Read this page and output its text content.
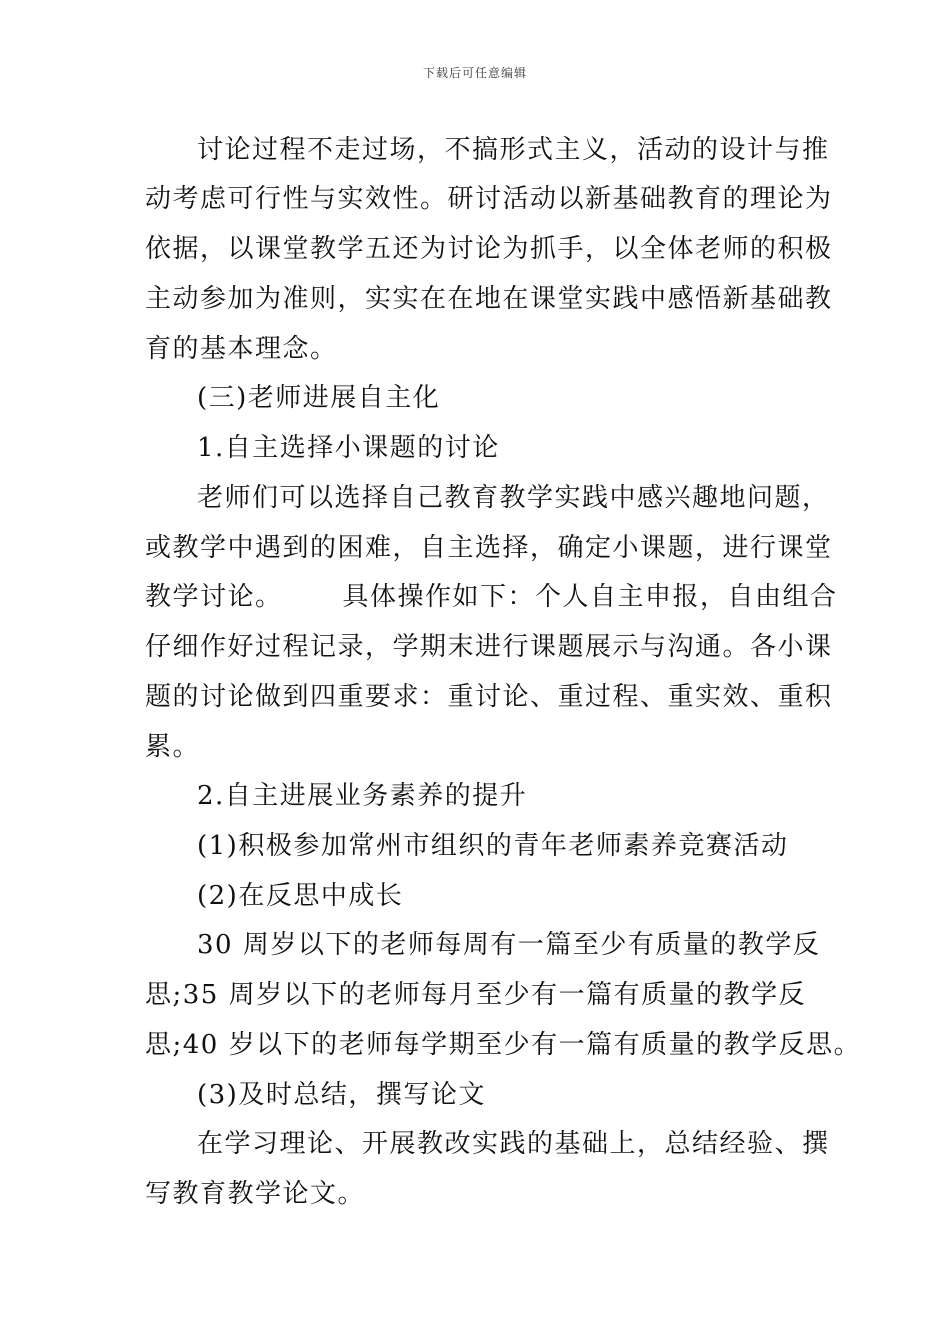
下载后可任意编辑
讨论过程不走过场，不搞形式主义，活动的设计与推
动考虑可行性与实效性。研讨活动以新基础教育的理论为
依据，以课堂教学五还为讨论为抓手，以全体老师的积极
主动参加为准则，实实在在地在课堂实践中感悟新基础教
育的基本理念。
(三)老师进展自主化
1.自主选择小课题的讨论
老师们可以选择自己教育教学实践中感兴趣地问题，
或教学中遇到的困难，自主选择，确定小课题，进行课堂
教学讨论。 具体操作如下：个人自主申报，自由组合
仔细作好过程记录，学期末进行课题展示与沟通。各小课
题的讨论做到四重要求：重讨论、重过程、重实效、重积
累。
2.自主进展业务素养的提升
(1)积极参加常州市组织的青年老师素养竞赛活动
(2)在反思中成长
30 周岁以下的老师每周有一篇至少有质量的教学反
思;35 周岁以下的老师每月至少有一篇有质量的教学反
思;40 岁以下的老师每学期至少有一篇有质量的教学反思。
(3)及时总结，撰写论文
在学习理论、开展教改实践的基础上，总结经验、撰
写教育教学论文。
